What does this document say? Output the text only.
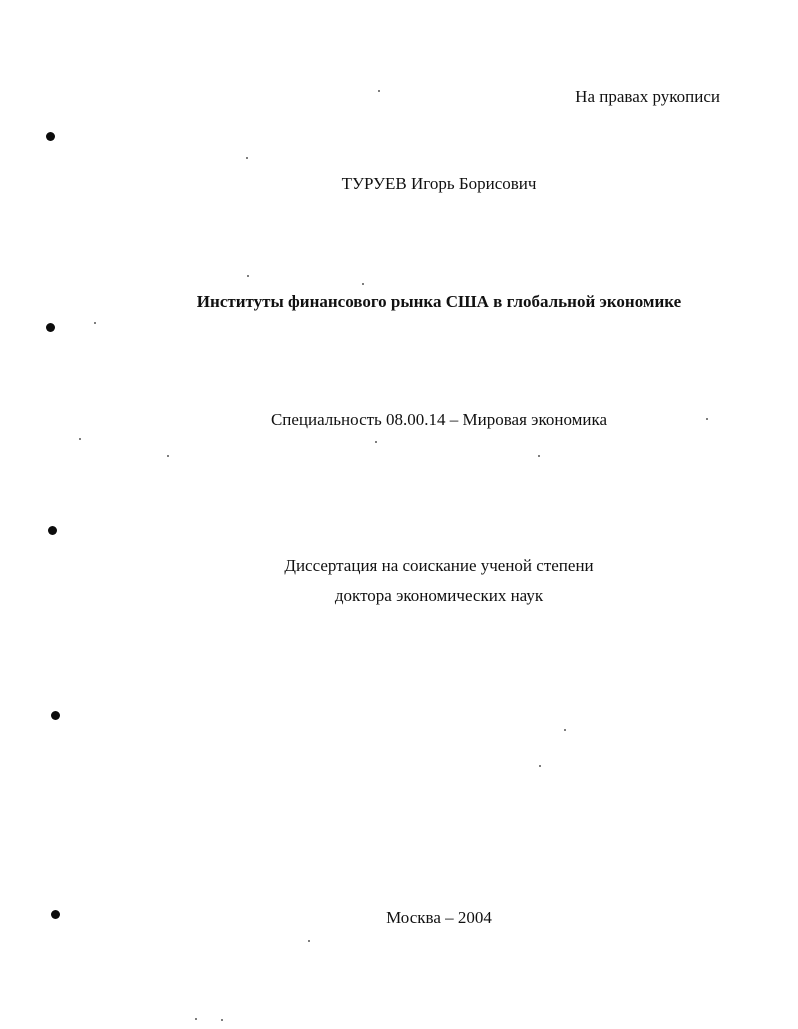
На правах рукописи
ТУРУЕВ Игорь Борисович
Институты финансового рынка США в глобальной экономике
Специальность 08.00.14 – Мировая экономика
Диссертация на соискание ученой степени
доктора экономических наук
Москва – 2004
